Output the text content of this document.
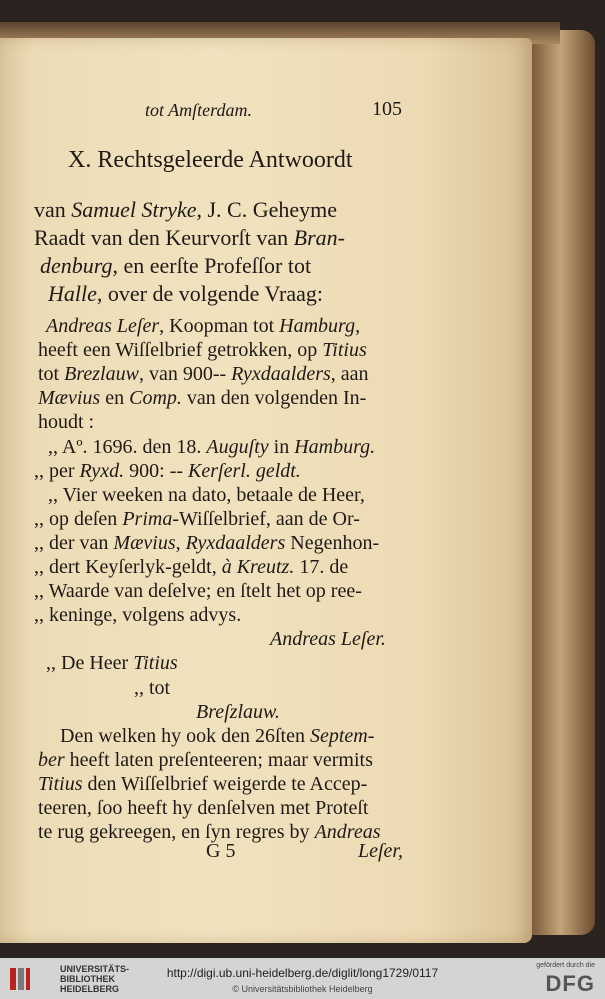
tot Amſterdam.	105
X. Rechtsgeleerde Antwoordt
van Samuel Stryke, J. C. Geheyme
Raadt van den Keurvorſt van Bran-
denburg, en eerſte Profeſſor tot
Halle, over de volgende Vraag:
Andreas Leſer, Koopman tot Hamburg,
heeft een Wiſſelbrief getrokken, op Titius
tot Brezlauw, van 900-- Ryxdaalders, aan
Mævius en Comp. van den volgenden In-
houdt :
,, Aº. 1696. den 18. Auguſty in Hamburg.
,, per Ryxd. 900: -- Kerſerl. geldt.
,, Vier weeken na dato, betaale de Heer,
,, op deſen Prima-Wiſſelbrief, aan de Or-
,, der van Mævius, Ryxdaalders Negenhon-
,, dert Keyſerlyk-geldt, à Kreutz. 17. de
,, Waarde van deſelve; en ſtelt het op ree-
,, keninge, volgens advys.
Andreas Leſer.
,, De Heer Titius
,, tot
Breſzlauw.
Den welken hy ook den 26ſten Septem-
ber heeft laten preſenteeren; maar vermits
Titius den Wiſſelbrief weigerde te Accep-
teeren, ſoo heeft hy denſelven met Proteſt
te rug gekreegen, en ſyn regres by Andreas
G 5	Leſer,
UNIVERSITÄTS-
BIBLIOTHEK
HEIDELBERG
http://digi.ub.uni-heidelberg.de/diglit/long1729/0117
© Universitätsbibliothek Heidelberg
gefördert durch die
DFG
